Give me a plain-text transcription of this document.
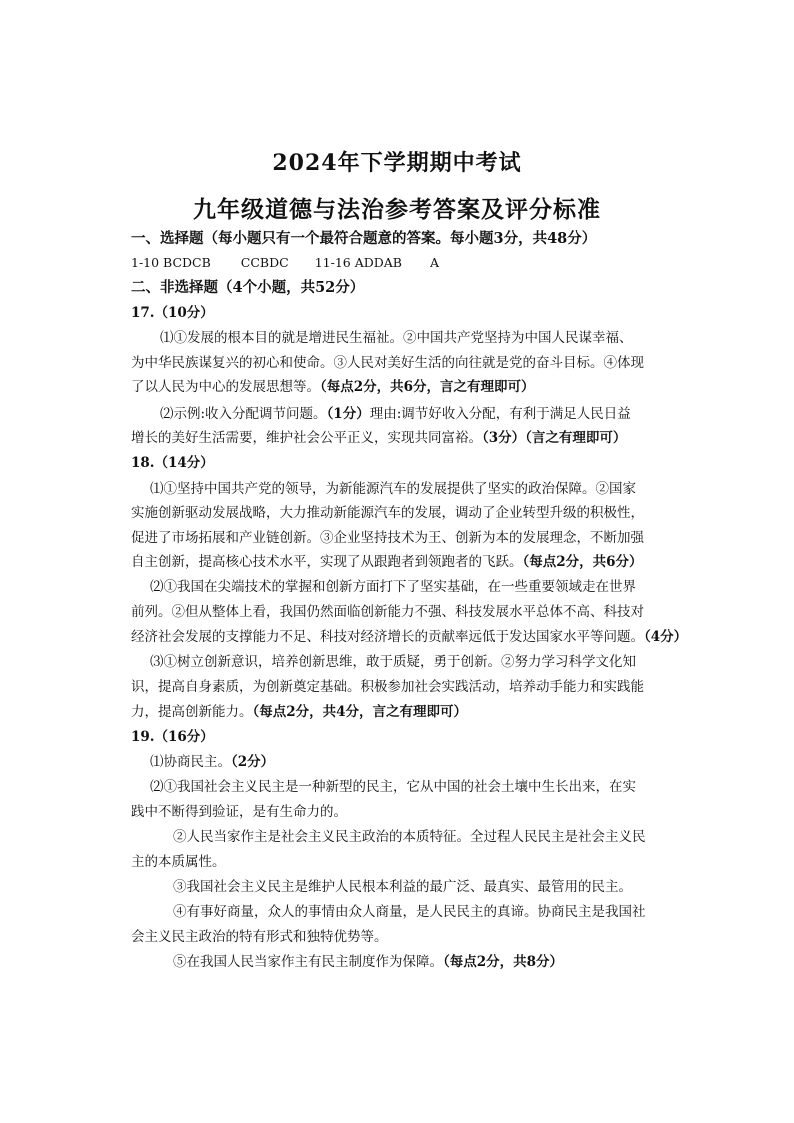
2024年下学期期中考试
九年级道德与法治参考答案及评分标准
一、选择题（每小题只有一个最符合题意的答案。每小题3分，共48分）
1-10 BCDCB CCBDC 11-16 ADDAB A
二、非选择题（4个小题，共52分）
17.（10分）
⑴①发展的根本目的就是增进民生福祉。②中国共产党坚持为中国人民谋幸福、
为中华民族谋复兴的初心和使命。③人民对美好生活的向往就是党的奋斗目标。④体现
了以人民为中心的发展思想等。（每点2分，共6分，言之有理即可）
⑵示例:收入分配调节问题。（1分）理由:调节好收入分配，有利于满足人民日益
增长的美好生活需要，维护社会公平正义，实现共同富裕。（3分）（言之有理即可）
18.（14分）
⑴①坚持中国共产党的领导，为新能源汽车的发展提供了坚实的政治保障。②国家
实施创新驱动发展战略，大力推动新能源汽车的发展，调动了企业转型升级的积极性，
促进了市场拓展和产业链创新。③企业坚持技术为王、创新为本的发展理念，不断加强
自主创新，提高核心技术水平，实现了从跟跑者到领跑者的飞跃。（每点2分，共6分）
⑵①我国在尖端技术的掌握和创新方面打下了坚实基础，在一些重要领域走在世界
前列。②但从整体上看，我国仍然面临创新能力不强、科技发展水平总体不高、科技对
经济社会发展的支撑能力不足、科技对经济增长的贡献率远低于发达国家水平等问题。（4分）
⑶①树立创新意识，培养创新思维，敢于质疑，勇于创新。②努力学习科学文化知
识，提高自身素质，为创新奠定基础。积极参加社会实践活动，培养动手能力和实践能
力，提高创新能力。（每点2分，共4分，言之有理即可）
19.（16分）
⑴协商民主。（2分）
⑵①我国社会主义民主是一种新型的民主，它从中国的社会土壤中生长出来，在实
践中不断得到验证，是有生命力的。
②人民当家作主是社会主义民主政治的本质特征。全过程人民民主是社会主义民
主的本质属性。
③我国社会主义民主是维护人民根本利益的最广泛、最真实、最管用的民主。
④有事好商量，众人的事情由众人商量，是人民民主的真谛。协商民主是我国社
会主义民主政治的特有形式和独特优势等。
⑤在我国人民当家作主有民主制度作为保障。（每点2分，共8分）
